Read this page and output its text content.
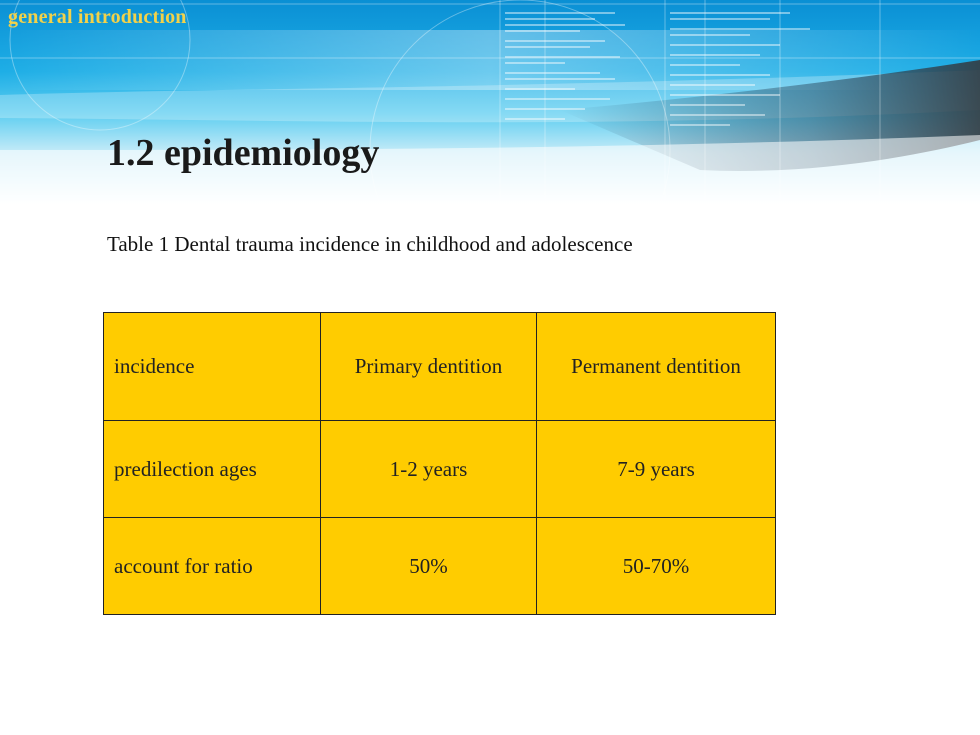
general introduction
1.2 epidemiology
Table 1 Dental trauma incidence in childhood and adolescence
incidence	Primary dentition	Permanent dentition
predilection ages	1-2 years	7-9 years
account for ratio	50%	50-70%
